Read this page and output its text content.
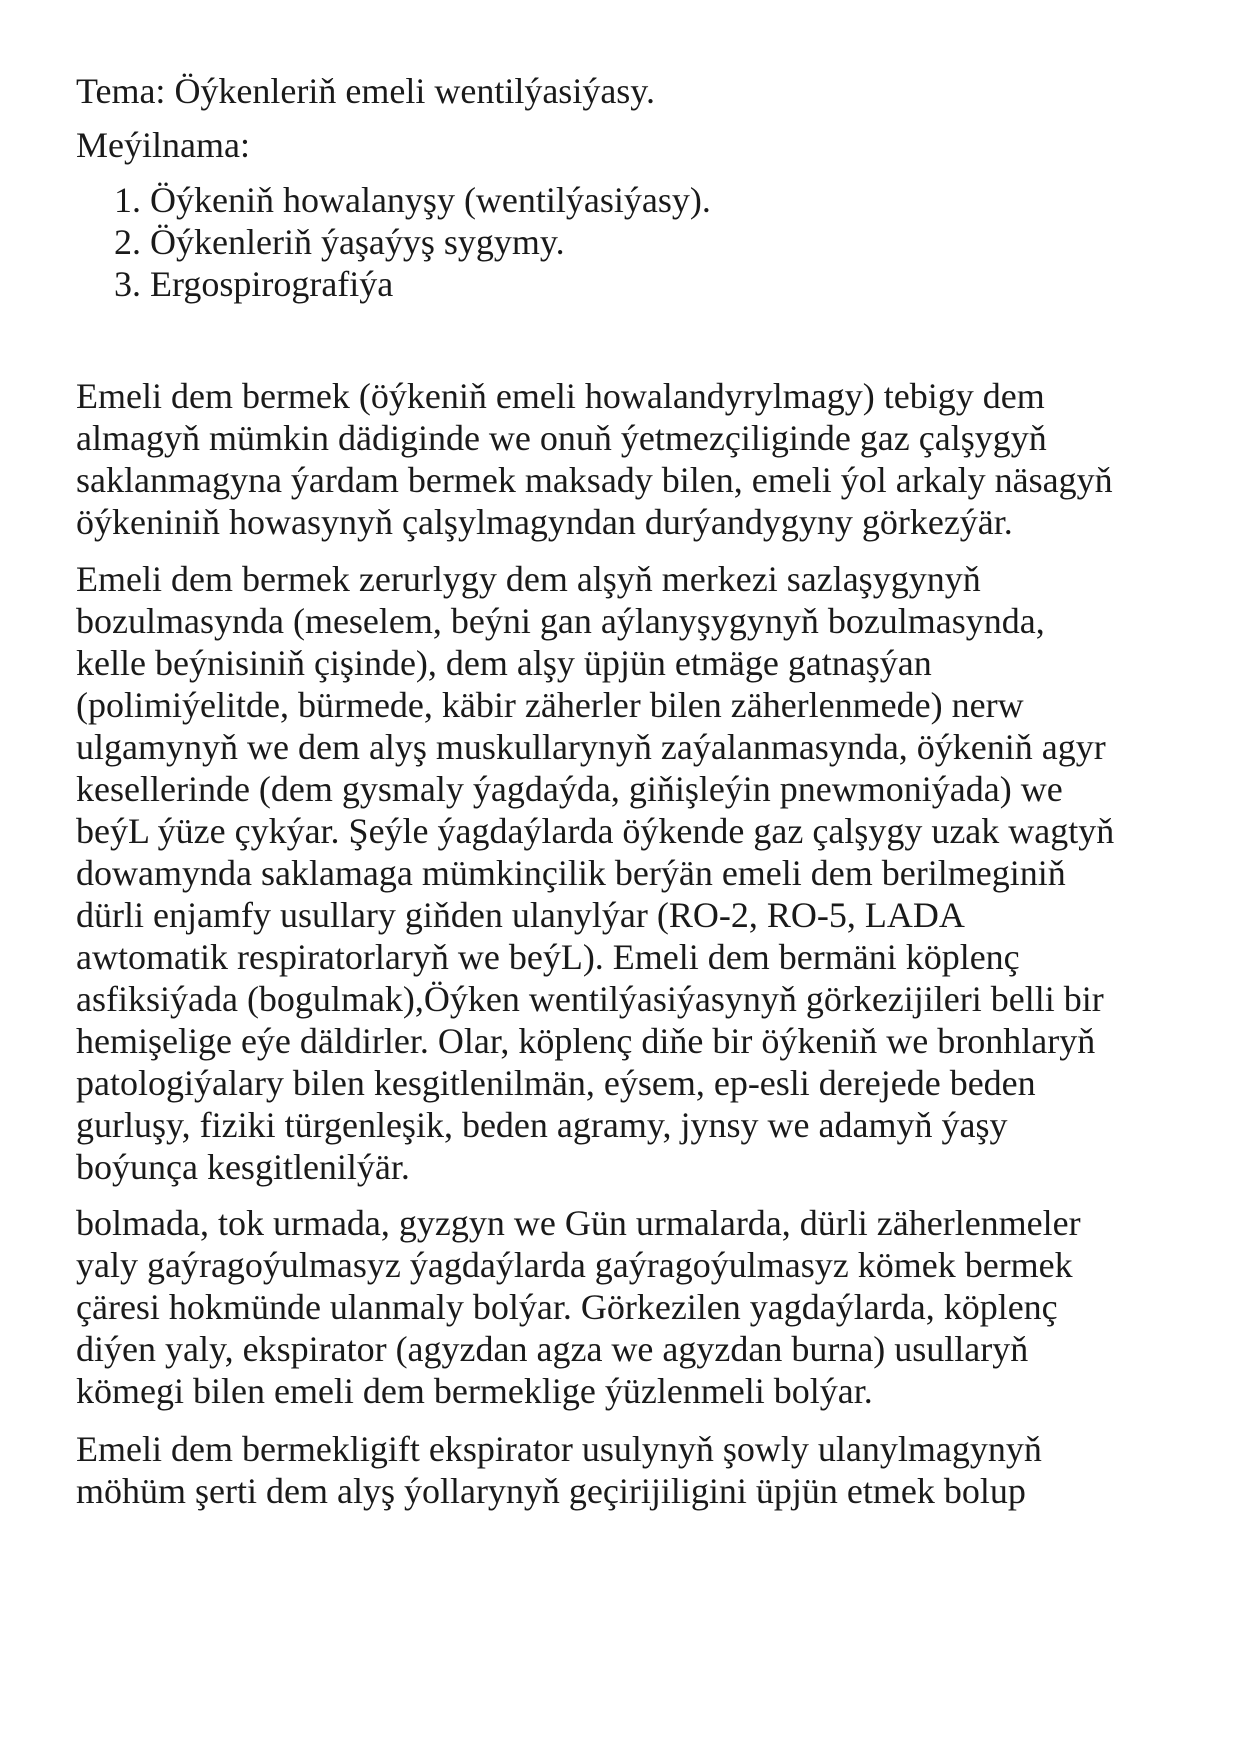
Tema: Öýkenleriň emeli wentilýasiýasy.

Meýilnama:

1. Öýkeniň howalanyşy (wentilýasiýasy).

2. Öýkenleriň ýaşaýyş sygymy.

3. Ergospirografiýa

Emeli dem bermek (öýkeniň emeli howalandyrylmagy) tebigy dem

almagyň mümkin dädiginde we onuň ýetmezçiliginde gaz çalşygyň

saklanmagyna ýardam bermek maksady bilen, emeli ýol arkaly näsagyň

öýkeniniň howasynyň çalşylmagyndan durýandygyny görkezýär.

Emeli dem bermek zerurlygy dem alşyň merkezi sazlaşygynyň

bozulmasynda (meselem, beýni gan aýlanyşygynyň bozulmasynda,

kelle beýnisiniň çişinde), dem alşy üpjün etmäge gatnaşýan

(polimiýelitde, bürmede, käbir zäherler bilen zäherlenmede) nerw

ulgamynyň we dem alyş muskullarynyň zaýalanmasynda, öýkeniň agyr

kesellerinde (dem gysmaly ýagdaýda, giňişleýin pnewmoniýada) we

beýL ýüze çykýar. Şeýle ýagdaýlarda öýkende gaz çalşygy uzak wagtyň

dowamynda saklamaga mümkinçilik berýän emeli dem berilmeginiň

dürli enjamfy usullary giňden ulanylýar (RO-2, RO-5, LADA

awtomatik respiratorlaryň we beýL). Emeli dem bermäni köplenç

asfiksiýada (bogulmak),Öýken wentilýasiýasynyň görkezijileri belli bir

hemişelige eýe däldirler. Olar, köplenç diňe bir öýkeniň we bronhlaryň

patologiýalary bilen kesgitlenilmän, eýsem, ep-esli derejede beden

gurluşy, fiziki türgenleşik, beden agramy, jynsy we adamyň ýaşy

boýunça kesgitlenilýär.

bolmada, tok urmada, gyzgyn we Gün urmalarda, dürli zäherlenmeler

yaly gaýragoýulmasyz ýagdaýlarda gaýragoýulmasyz kömek bermek

çäresi hokmünde ulanmaly bolýar. Görkezilen yagdaýlarda, köplenç

diýen yaly, ekspirator (agyzdan agza we agyzdan burna) usullaryň

kömegi bilen emeli dem bermeklige ýüzlenmeli bolýar.

Emeli dem bermekligift ekspirator usulynyň şowly ulanylmagynyň

möhüm şerti dem alyş ýollarynyň geçirijiligini üpjün etmek bolup
